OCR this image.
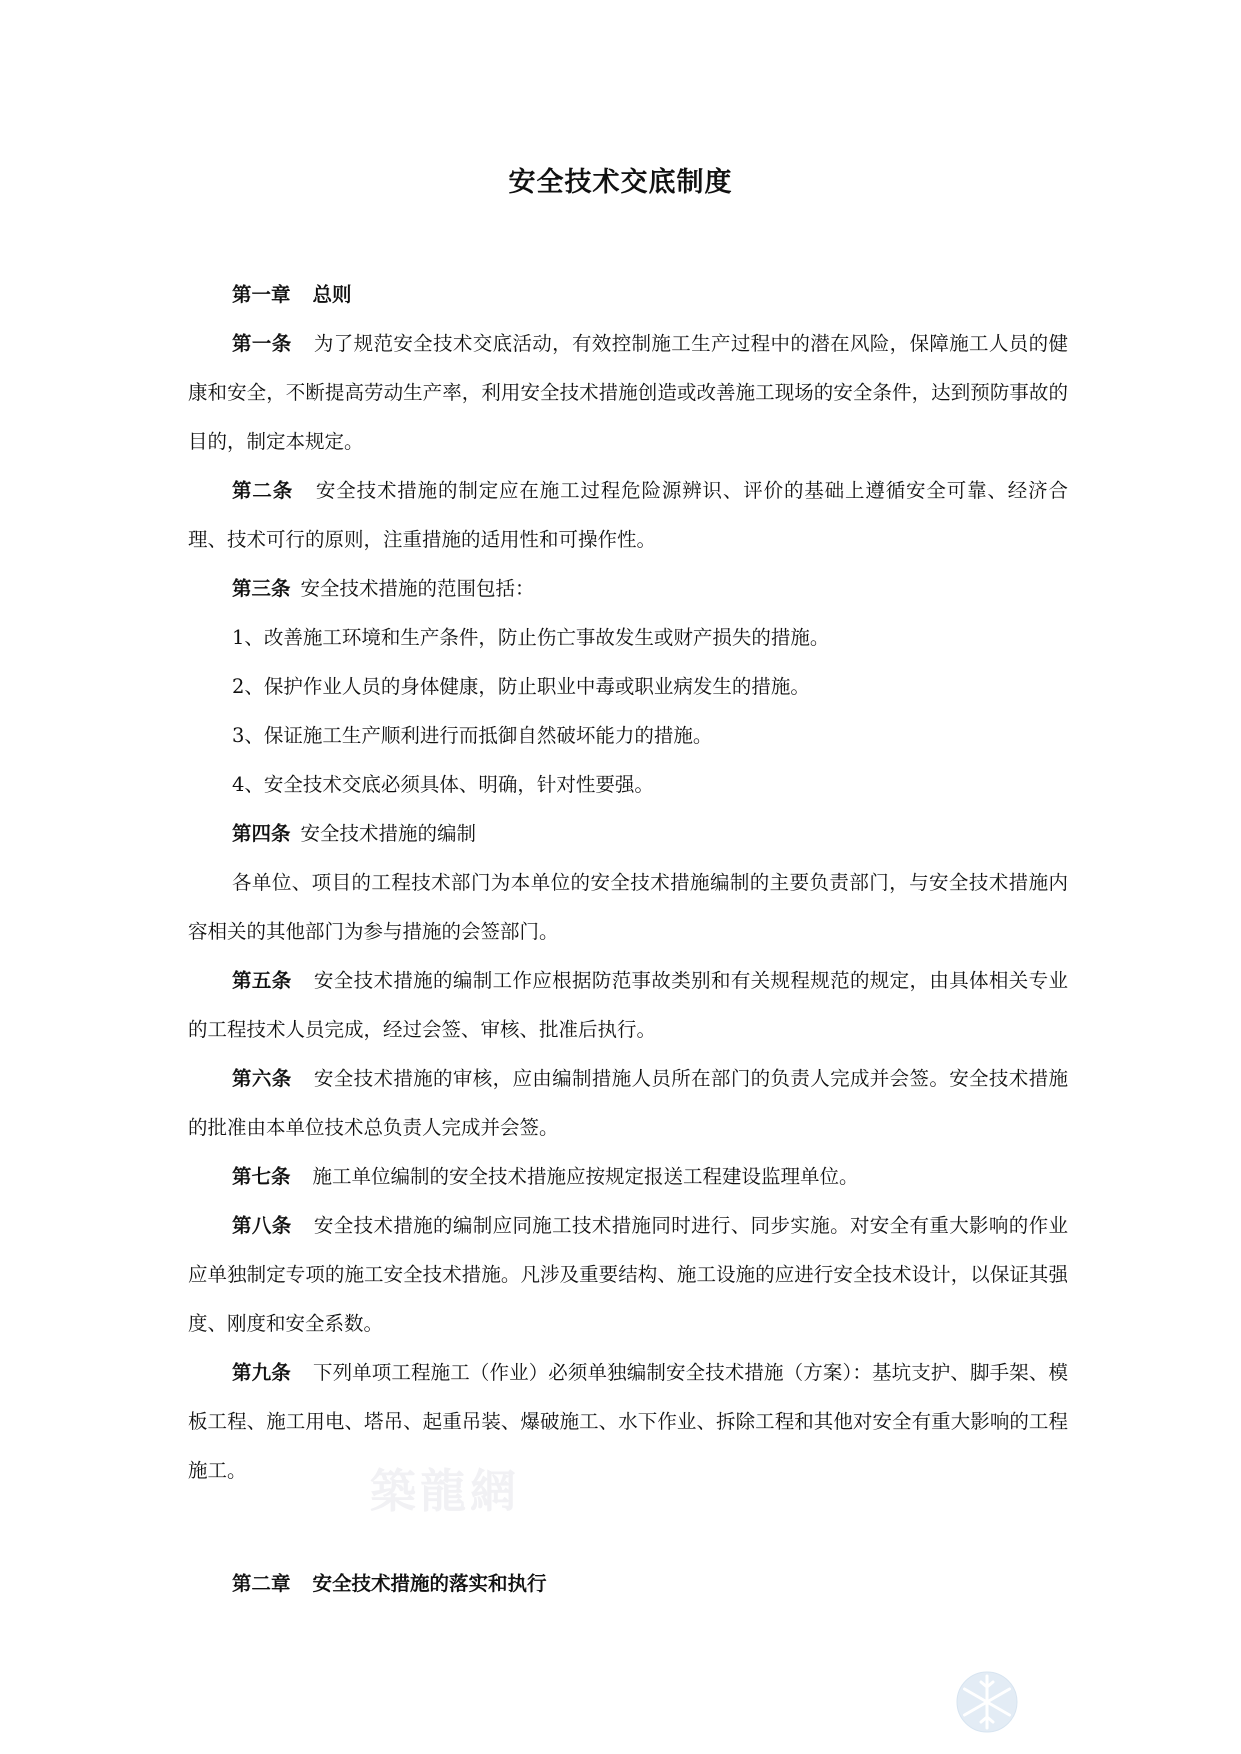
安全技术交底制度

第一章 总则

第一条 为了规范安全技术交底活动，有效控制施工生产过程中的潜在风险，保障施工人员的健康和安全，不断提高劳动生产率，利用安全技术措施创造或改善施工现场的安全条件，达到预防事故的目的，制定本规定。

第二条 安全技术措施的制定应在施工过程危险源辨识、评价的基础上遵循安全可靠、经济合理、技术可行的原则，注重措施的适用性和可操作性。

第三条 安全技术措施的范围包括：

1、改善施工环境和生产条件，防止伤亡事故发生或财产损失的措施。

2、保护作业人员的身体健康，防止职业中毒或职业病发生的措施。

3、保证施工生产顺利进行而抵御自然破坏能力的措施。

4、安全技术交底必须具体、明确，针对性要强。

第四条 安全技术措施的编制

各单位、项目的工程技术部门为本单位的安全技术措施编制的主要负责部门，与安全技术措施内容相关的其他部门为参与措施的会签部门。

第五条 安全技术措施的编制工作应根据防范事故类别和有关规程规范的规定，由具体相关专业的工程技术人员完成，经过会签、审核、批准后执行。

第六条 安全技术措施的审核，应由编制措施人员所在部门的负责人完成并会签。安全技术措施的批准由本单位技术总负责人完成并会签。

第七条 施工单位编制的安全技术措施应按规定报送工程建设监理单位。

第八条 安全技术措施的编制应同施工技术措施同时进行、同步实施。对安全有重大影响的作业应单独制定专项的施工安全技术措施。凡涉及重要结构、施工设施的应进行安全技术设计，以保证其强度、刚度和安全系数。

第九条 下列单项工程施工（作业）必须单独编制安全技术措施（方案）：基坑支护、脚手架、模板工程、施工用电、塔吊、起重吊装、爆破施工、水下作业、拆除工程和其他对安全有重大影响的工程施工。

第二章 安全技术措施的落实和执行

築龍網
